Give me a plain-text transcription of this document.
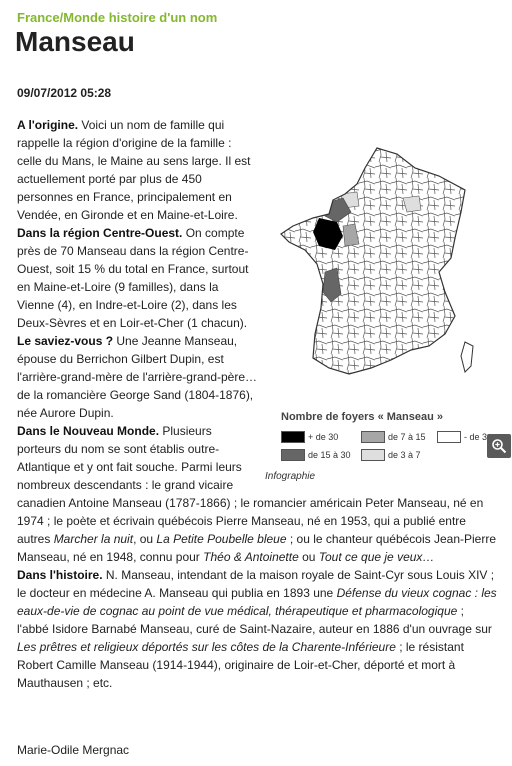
France/Monde histoire d'un nom
Manseau
09/07/2012 05:28
Nombre de foyers « Manseau »
+ de 30	de 7 à 15	- de 3
de 15 à 30	de 3 à 7
Infographie

A l'origine. Voici un nom de famille qui rappelle la région d'origine de la famille : celle du Mans, le Maine au sens large. Il est actuellement porté par plus de 450 personnes en France, principalement en Vendée, en Gironde et en Maine-et-Loire.

Dans la région Centre-Ouest. On compte près de 70 Manseau dans la région Centre-Ouest, soit 15 % du total en France, surtout en Maine-et-Loire (9 familles), dans la Vienne (4), en Indre-et-Loire (2), dans les Deux-Sèvres et en Loir-et-Cher (1 chacun).

Le saviez-vous ? Une Jeanne Manseau, épouse du Berrichon Gilbert Dupin, est l'arrière-grand-mère de l'arrière-grand-père… de la romancière George Sand (1804-1876), née Aurore Dupin.

Dans le Nouveau Monde. Plusieurs porteurs du nom se sont établis outre-Atlantique et y ont fait souche. Parmi leurs nombreux descendants : le grand vicaire canadien Antoine Manseau (1787-1866) ; le romancier américain Peter Manseau, né en 1974 ; le poète et écrivain québécois Pierre Manseau, né en 1953, qui a publié entre autres Marcher la nuit, ou La Petite Poubelle bleue ; ou le chanteur québécois Jean-Pierre Manseau, né en 1948, connu pour Théo & Antoinette ou Tout ce que je veux…

Dans l'histoire. N. Manseau, intendant de la maison royale de Saint-Cyr sous Louis XIV ; le docteur en médecine A. Manseau qui publia en 1893 une Défense du vieux cognac : les eaux-de-vie de cognac au point de vue médical, thérapeutique et pharmacologique ; l'abbé Isidore Barnabé Manseau, curé de Saint-Nazaire, auteur en 1886 d'un ouvrage sur Les prêtres et religieux déportés sur les côtes de la Charente-Inférieure ; le résistant Robert Camille Manseau (1914-1944), originaire de Loir-et-Cher, déporté et mort à Mauthausen ; etc.

Marie-Odile Mergnac
